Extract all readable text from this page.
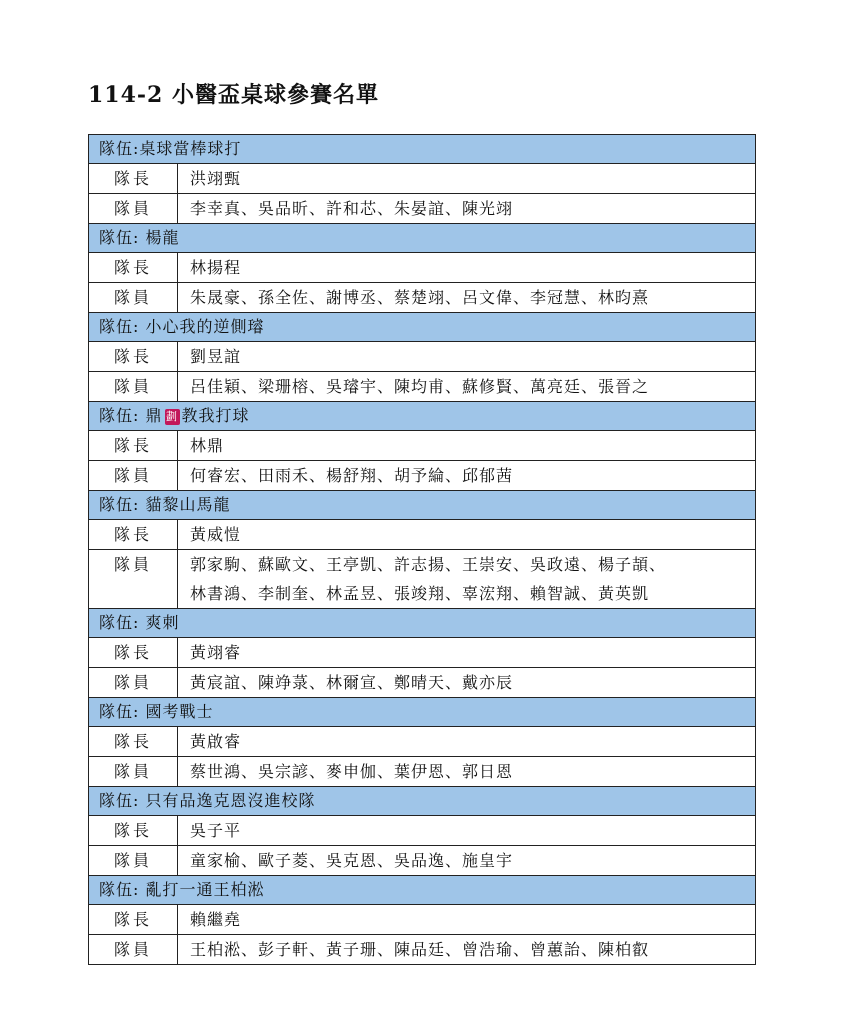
114-2 小醫盃桌球參賽名單
隊伍:桌球當棒球打
隊長	洪翊甄
隊員	李幸真、吳品昕、許和芯、朱晏誼、陳光翊
隊伍: 楊龍
隊長	林揚程
隊員	朱晟豪、孫全佐、謝博丞、蔡楚翊、呂文偉、李冠慧、林昀熹
隊伍: 小心我的逆側璿
隊長	劉昱誼
隊員	呂佳穎、梁珊榕、吳璿宇、陳均甫、蘇修賢、萬亮廷、張晉之
隊伍: 鼎 劃 教我打球
隊長	林鼎
隊員	何睿宏、田雨禾、楊舒翔、胡予綸、邱郁茜
隊伍: 貓黎山馬龍
隊長	黃威愷
隊員	郭家駒、蘇歐文、王亭凱、許志揚、王崇安、吳政遠、楊子頡、
林書鴻、李制奎、林孟昱、張竣翔、辜浤翔、賴智誠、黃英凱
隊伍: 爽刺
隊長	黃翊睿
隊員	黃宸誼、陳竫菉、林爾宣、鄭晴天、戴亦辰
隊伍: 國考戰士
隊長	黃啟睿
隊員	蔡世鴻、吳宗諺、麥申伽、葉伊恩、郭日恩
隊伍: 只有品逸克恩沒進校隊
隊長	吳子平
隊員	童家榆、歐子菱、吳克恩、吳品逸、施皇宇
隊伍: 亂打一通王柏淞
隊長	賴繼堯
隊員	王柏淞、彭子軒、黃子珊、陳品廷、曾浩瑜、曾蕙詒、陳柏叡
